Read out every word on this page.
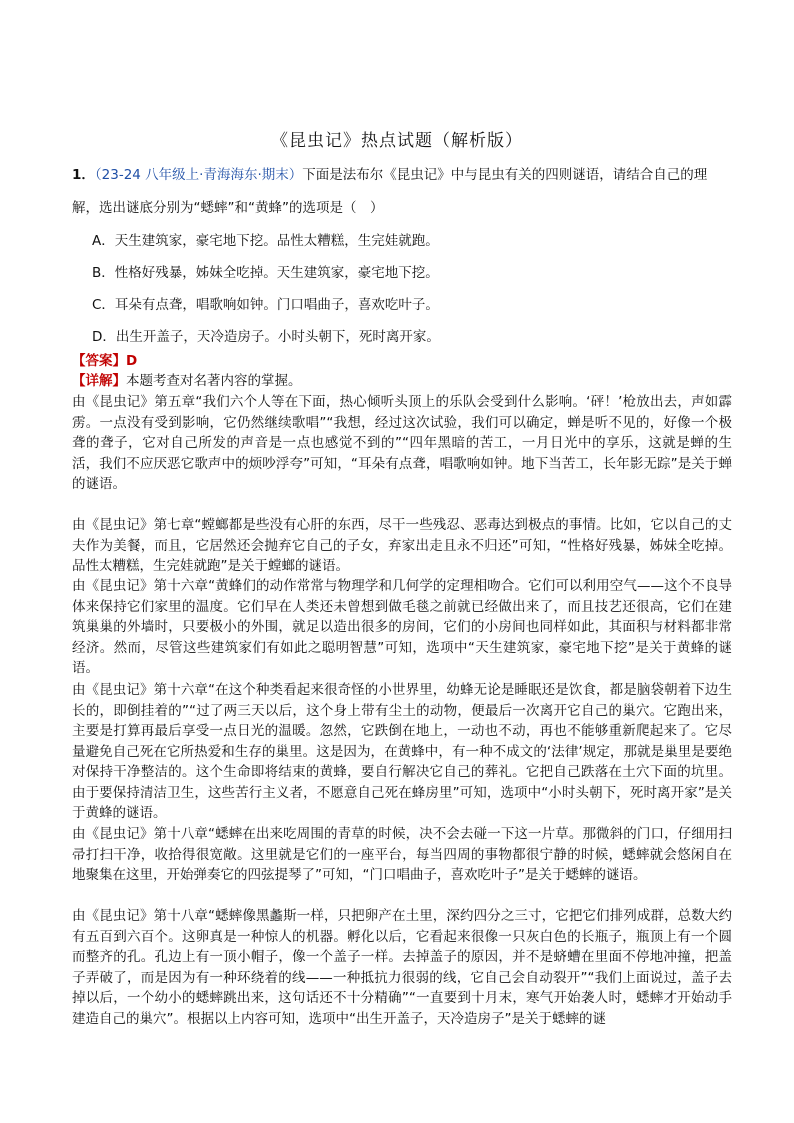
《昆虫记》热点试题（解析版）
1．（23-24 八年级上·青海海东·期末）下面是法布尔《昆虫记》中与昆虫有关的四则谜语，请结合自己的理
解，选出谜底分别为“蟋蟀”和“黄蜂”的选项是（　）
A．天生建筑家，豪宅地下挖。品性太糟糕，生完娃就跑。
B．性格好残暴，姊妹全吃掉。天生建筑家，豪宅地下挖。
C．耳朵有点聋，唱歌响如钟。门口唱曲子，喜欢吃叶子。
D．出生开盖子，天冷造房子。小时头朝下，死时离开家。
【答案】D
【详解】本题考查对名著内容的掌握。
由《昆虫记》第五章“我们六个人等在下面，热心倾听头顶上的乐队会受到什么影响。‘砰！’枪放出去，声如霹雳。一点没有受到影响，它仍然继续歌唱”“我想，经过这次试验，我们可以确定，蝉是听不见的，好像一个极聋的聋子，它对自己所发的声音是一点也感觉不到的”“四年黑暗的苦工，一月日光中的享乐，这就是蝉的生活，我们不应厌恶它歌声中的烦吵浮夸”可知，“耳朵有点聋，唱歌响如钟。地下当苦工，长年影无踪”是关于蝉的谜语。
由《昆虫记》第七章“螳螂都是些没有心肝的东西，尽干一些残忍、恶毒达到极点的事情。比如，它以自己的丈夫作为美餐，而且，它居然还会抛弃它自己的子女，弃家出走且永不归还”可知，“性格好残暴，姊妹全吃掉。品性太糟糕，生完娃就跑”是关于螳螂的谜语。
由《昆虫记》第十六章“黄蜂们的动作常常与物理学和几何学的定理相吻合。它们可以利用空气——这个不良导体来保持它们家里的温度。它们早在人类还未曾想到做毛毯之前就已经做出来了，而且技艺还很高，它们在建筑巢巢的外墙时，只要极小的外围，就足以造出很多的房间，它们的小房间也同样如此，其面积与材料都非常经济。然而，尽管这些建筑家们有如此之聪明智慧”可知，选项中“天生建筑家，豪宅地下挖”是关于黄蜂的谜语。
由《昆虫记》第十六章“在这个种类看起来很奇怪的小世界里，幼蜂无论是睡眠还是饮食，都是脑袋朝着下边生长的，即倒挂着的”“过了两三天以后，这个身上带有尘土的动物，便最后一次离开它自己的巢穴。它跑出来，主要是打算再最后享受一点日光的温暖。忽然，它跌倒在地上，一动也不动，再也不能够重新爬起来了。它尽量避免自己死在它所热爱和生存的巢里。这是因为，在黄蜂中，有一种不成文的‘法律’规定，那就是巢里是要绝对保持干净整洁的。这个生命即将结束的黄蜂，要自行解决它自己的葬礼。它把自己跌落在土穴下面的坑里。由于要保持清洁卫生，这些苦行主义者，不愿意自己死在蜂房里”可知，选项中“小时头朝下，死时离开家”是关于黄蜂的谜语。
由《昆虫记》第十八章“蟋蟀在出来吃周围的青草的时候，决不会去碰一下这一片草。那微斜的门口，仔细用扫帚打扫干净，收拾得很宽敞。这里就是它们的一座平台，每当四周的事物都很宁静的时候，蟋蟀就会悠闲自在地聚集在这里，开始弹奏它的四弦提琴了”可知，“门口唱曲子，喜欢吃叶子”是关于蟋蟀的谜语。
由《昆虫记》第十八章“蟋蟀像黑蠡斯一样，只把卵产在土里，深约四分之三寸，它把它们排列成群，总数大约有五百到六百个。这卵真是一种惊人的机器。孵化以后，它看起来很像一只灰白色的长瓶子，瓶顶上有一个圆而整齐的孔。孔边上有一顶小帽子，像一个盖子一样。去掉盖子的原因，并不是蛴螬在里面不停地冲撞，把盖子弄破了，而是因为有一种环绕着的线——一种抵抗力很弱的线，它自己会自动裂开”“我们上面说过，盖子去掉以后，一个幼小的蟋蟀跳出来，这句话还不十分精确”“一直要到十月末，寒气开始袭人时，蟋蟀才开始动手建造自己的巢穴”。根据以上内容可知，选项中“出生开盖子，天冷造房子”是关于蟋蟀的谜
